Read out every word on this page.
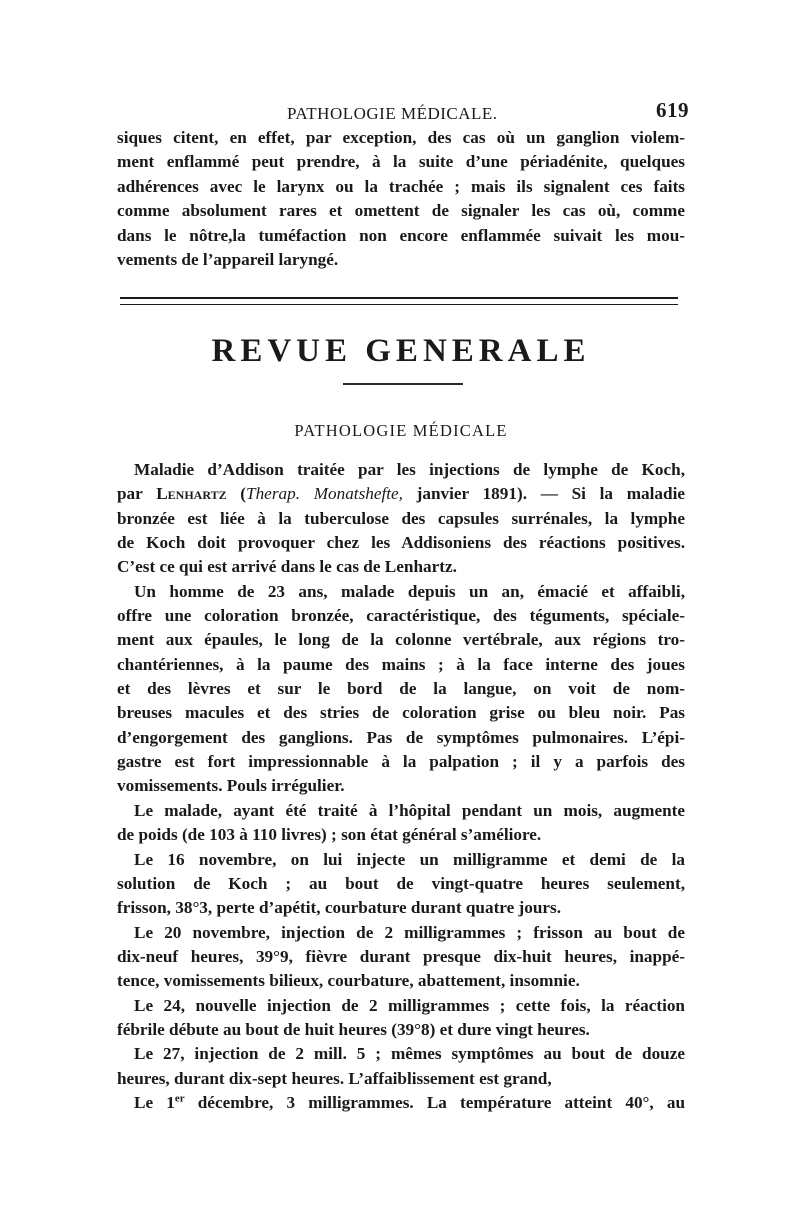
PATHOLOGIE MÉDICALE.	619
siques citent, en effet, par exception, des cas où un ganglion violem-
ment enflammé peut prendre, à la suite d’une périadénite, quelques
adhérences avec le larynx ou la trachée ; mais ils signalent ces faits
comme absolument rares et omettent de signaler les cas où, comme
dans le nôtre,la tuméfaction non encore enflammée suivait les mou-
vements de l’appareil laryngé.
REVUE GENERALE
PATHOLOGIE MÉDICALE
Maladie d’Addison traitée par les injections de lymphe de Koch,
par Lenhartz (Therap. Monatshefte, janvier 1891). — Si la maladie
bronzée est liée à la tuberculose des capsules surrénales, la lymphe
de Koch doit provoquer chez les Addisoniens des réactions positives.
C’est ce qui est arrivé dans le cas de Lenhartz.
Un homme de 23 ans, malade depuis un an, émacié et affaibli,
offre une coloration bronzée, caractéristique, des téguments, spéciale-
ment aux épaules, le long de la colonne vertébrale, aux régions tro-
chantériennes, à la paume des mains ; à la face interne des joues
et des lèvres et sur le bord de la langue, on voit de nom-
breuses macules et des stries de coloration grise ou bleu noir. Pas
d’engorgement des ganglions. Pas de symptômes pulmonaires. L’épi-
gastre est fort impressionnable à la palpation ; il y a parfois des
vomissements. Pouls irrégulier.
Le malade, ayant été traité à l’hôpital pendant un mois, augmente
de poids (de 103 à 110 livres) ; son état général s’améliore.
Le 16 novembre, on lui injecte un milligramme et demi de la
solution de Koch ; au bout de vingt-quatre heures seulement,
frisson, 38°3, perte d’apétit, courbature durant quatre jours.
Le 20 novembre, injection de 2 milligrammes ; frisson au bout de
dix-neuf heures, 39°9, fièvre durant presque dix-huit heures, inappé-
tence, vomissements bilieux, courbature, abattement, insomnie.
Le 24, nouvelle injection de 2 milligrammes ; cette fois, la réaction
fébrile débute au bout de huit heures (39°8) et dure vingt heures.
Le 27, injection de 2 mill. 5 ; mêmes symptômes au bout de douze
heures, durant dix-sept heures. L’affaiblissement est grand,
Le 1er décembre, 3 milligrammes. La température atteint 40°, au
